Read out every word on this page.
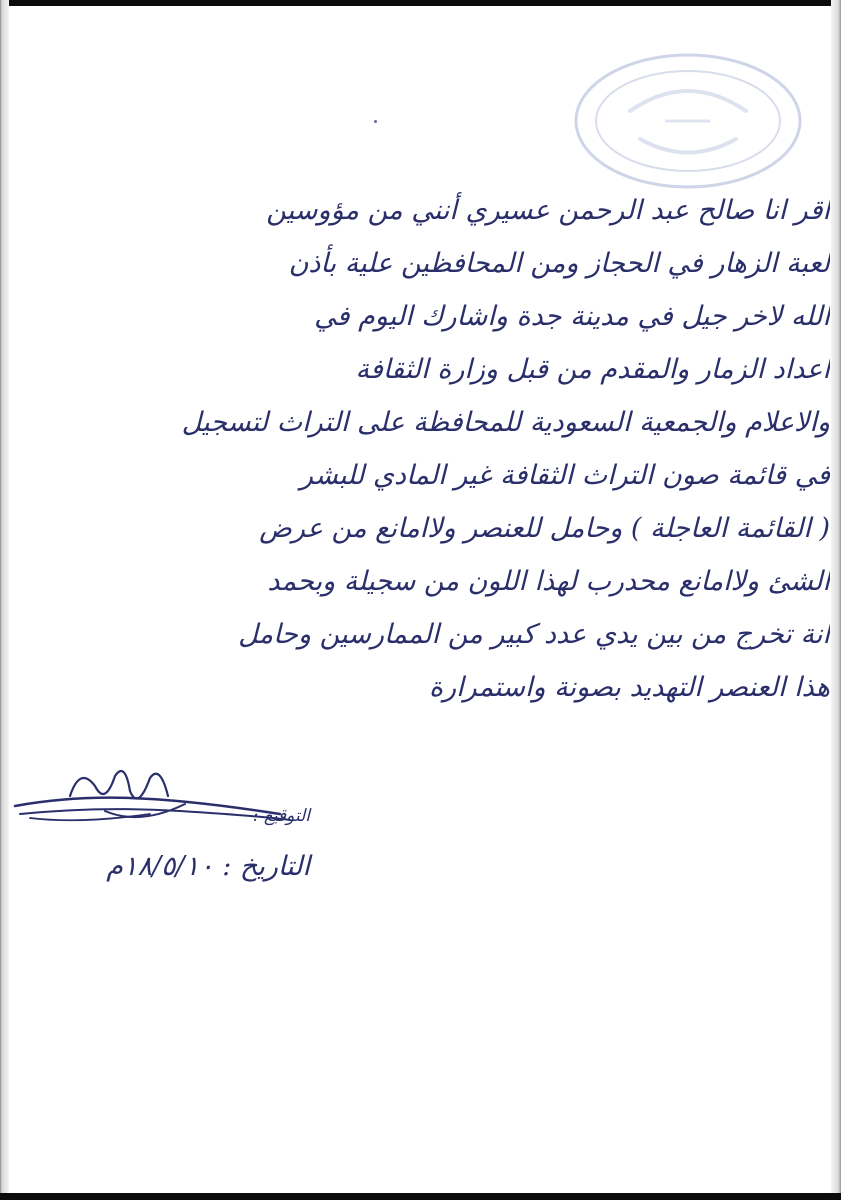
اقر انا صالح عبد الرحمن عسيري أنني من مؤوسين
لعبة الزهار في الحجاز ومن المحافظين علية بأذن
الله لاخر جيل في مدينة جدة واشارك اليوم في
اعداد الزمار والمقدم من قبل وزارة الثقافة
والاعلام والجمعية السعودية للمحافظة على التراث لتسجيل
في قائمة صون التراث الثقافة غير المادي للبشر
( القائمة العاجلة ) وحامل للعنصر ولاامانع من عرض
الشئ ولاامانع محدرب لهذا اللون من سجيلة وبحمد
انة تخرج من بين يدي عدد كبير من الممارسين وحامل
هذا العنصر التهديد بصونة واستمرارة
التوقيع :
التاريخ : ١٨/٥/١٠م
